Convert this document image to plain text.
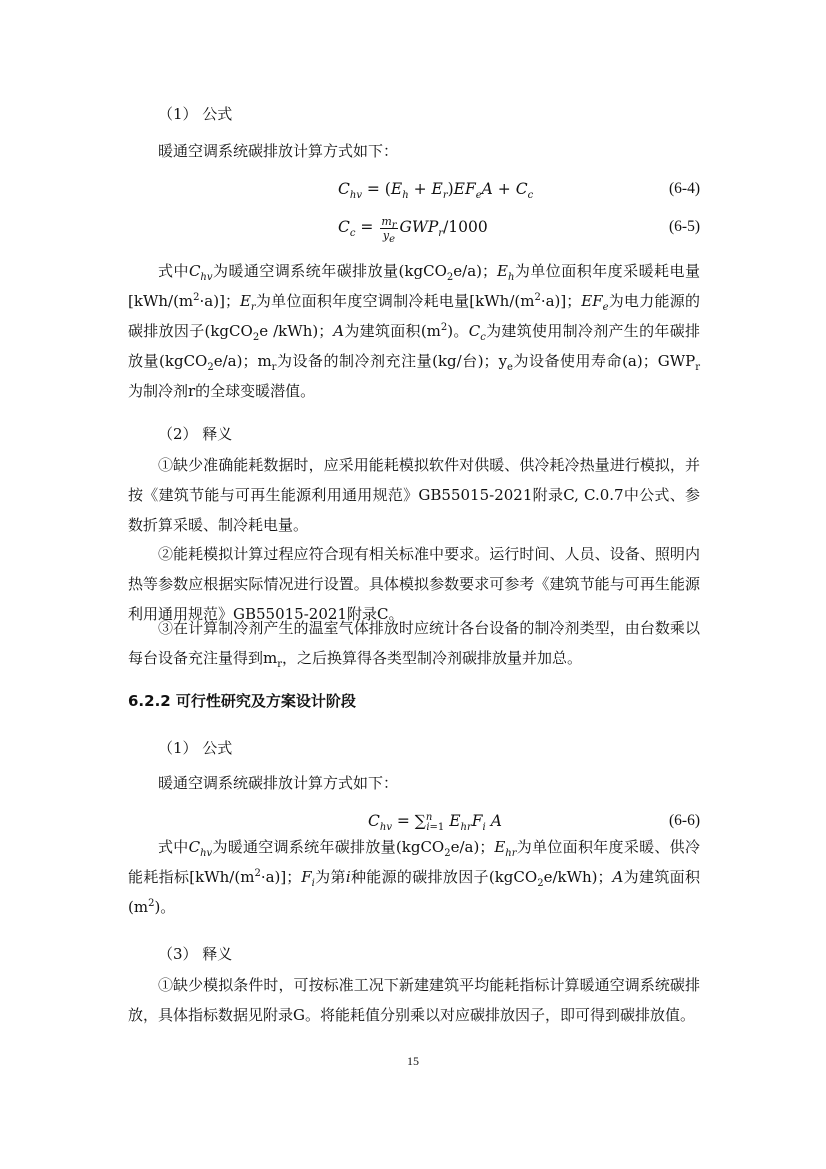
（1） 公式
暖通空调系统碳排放计算方式如下：
$C_{hv} = (E_h + E_r)EF_eA + C_c$	(6-4)
$C_c = \frac{m_r}{y_e} GWP_r/1000$	(6-5)
式中$C_{hv}$为暖通空调系统年碳排放量(kgCO$_2$e/a)；$E_h$为单位面积年度采暖耗电量$[kWh/(m^2\cdot a)]$；$E_r$为单位面积年度空调制冷耗电量$[kWh/(m^2\cdot a)]$；$EF_e$为电力能源的碳排放因子(kgCO$_2$e /kWh)；A为建筑面积$(m^2)$。$C_c$为建筑使用制冷剂产生的年碳排放量(kgCO$_2$e/a)；$m_r$为设备的制冷剂充注量(kg/台)；$y_e$为设备使用寿命(a)；$GWP_r$为制冷剂r的全球变暖潜值。
（2） 释义
①缺少准确能耗数据时，应采用能耗模拟软件对供暖、供冷耗冷热量进行模拟，并按《建筑节能与可再生能源利用通用规范》GB55015-2021附录C, C.0.7中公式、参数折算采暖、制冷耗电量。
②能耗模拟计算过程应符合现有相关标准中要求。运行时间、人员、设备、照明内热等参数应根据实际情况进行设置。具体模拟参数要求可参考《建筑节能与可再生能源利用通用规范》GB55015-2021附录C。
③在计算制冷剂产生的温室气体排放时应统计各台设备的制冷剂类型，由台数乘以每台设备充注量得到$m_r$，之后换算得各类型制冷剂碳排放量并加总。
6.2.2 可行性研究及方案设计阶段
（1） 公式
暖通空调系统碳排放计算方式如下：
$C_{hv} = \sum^n_{i=1}$ $E_{hr}F_i$ A	(6-6)
式中$C_{hv}$为暖通空调系统年碳排放量(kgCO$_2$e/a)；$E_{hr}$为单位面积年度采暖、供冷能耗指标$[kWh/(m^2\cdot a)]$；$F_i$为第i种能源的碳排放因子(kgCO$_2$e/kWh)；A为建筑面积$(m^2)$。
（3） 释义
①缺少模拟条件时，可按标准工况下新建建筑平均能耗指标计算暖通空调系统碳排放，具体指标数据见附录G。将能耗值分别乘以对应碳排放因子，即可得到碳排放值。
15
